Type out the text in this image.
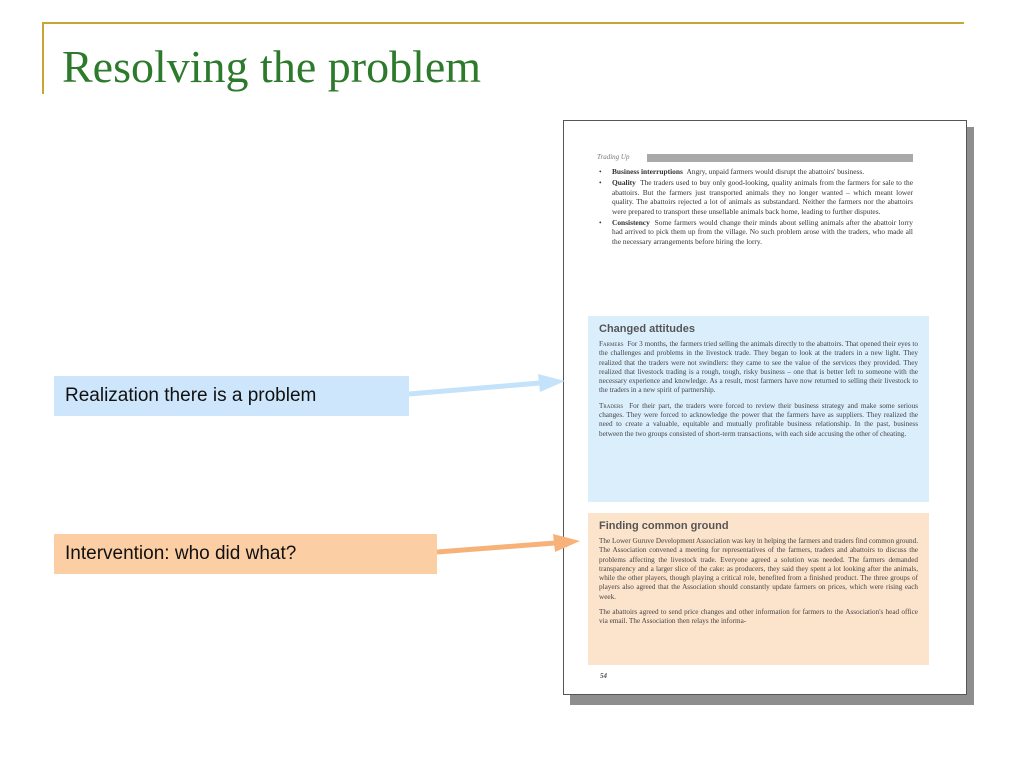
Resolving the problem
Realization there is a problem
Intervention: who did what?
Trading Up
• Business interruptions Angry, unpaid farmers would disrupt the abattoirs' business.
• Quality The traders used to buy only good-looking, quality animals from the farmers for sale to the abattoirs. But the farmers just transported animals they no longer wanted – which meant lower quality. The abattoirs rejected a lot of animals as substandard. Neither the farmers nor the abattoirs were prepared to transport these unsellable animals back home, leading to further disputes.
• Consistency Some farmers would change their minds about selling animals after the abattoir lorry had arrived to pick them up from the village. No such problem arose with the traders, who made all the necessary arrangements before hiring the lorry.
Changed attitudes

Farmers For 3 months, the farmers tried selling the animals directly to the abattoirs. That opened their eyes to the challenges and problems in the livestock trade. They began to look at the traders in a new light. They realized that the traders were not swindlers: they came to see the value of the services they provided. They realized that livestock trading is a rough, tough, risky business – one that is better left to someone with the necessary experience and knowledge. As a result, most farmers have now returned to selling their livestock to the traders in a new spirit of partnership.

Traders For their part, the traders were forced to review their business strategy and make some serious changes. They were forced to acknowledge the power that the farmers have as suppliers. They realized the need to create a valuable, equitable and mutually profitable business relationship. In the past, business between the two groups consisted of short-term transactions, with each side accusing the other of cheating.

Finding common ground

The Lower Guruve Development Association was key in helping the farmers and traders find common ground. The Association convened a meeting for representatives of the farmers, traders and abattoirs to discuss the problems affecting the livestock trade. Everyone agreed a solution was needed. The farmers demanded transparency and a larger slice of the cake: as producers, they said they spent a lot looking after the animals, while the other players, though playing a critical role, benefited from a finished product. The three groups of players also agreed that the Association should constantly update farmers on prices, which were rising each week.

The abattoirs agreed to send price changes and other information for farmers to the Association's head office via email. The Association then relays the informa-

54
